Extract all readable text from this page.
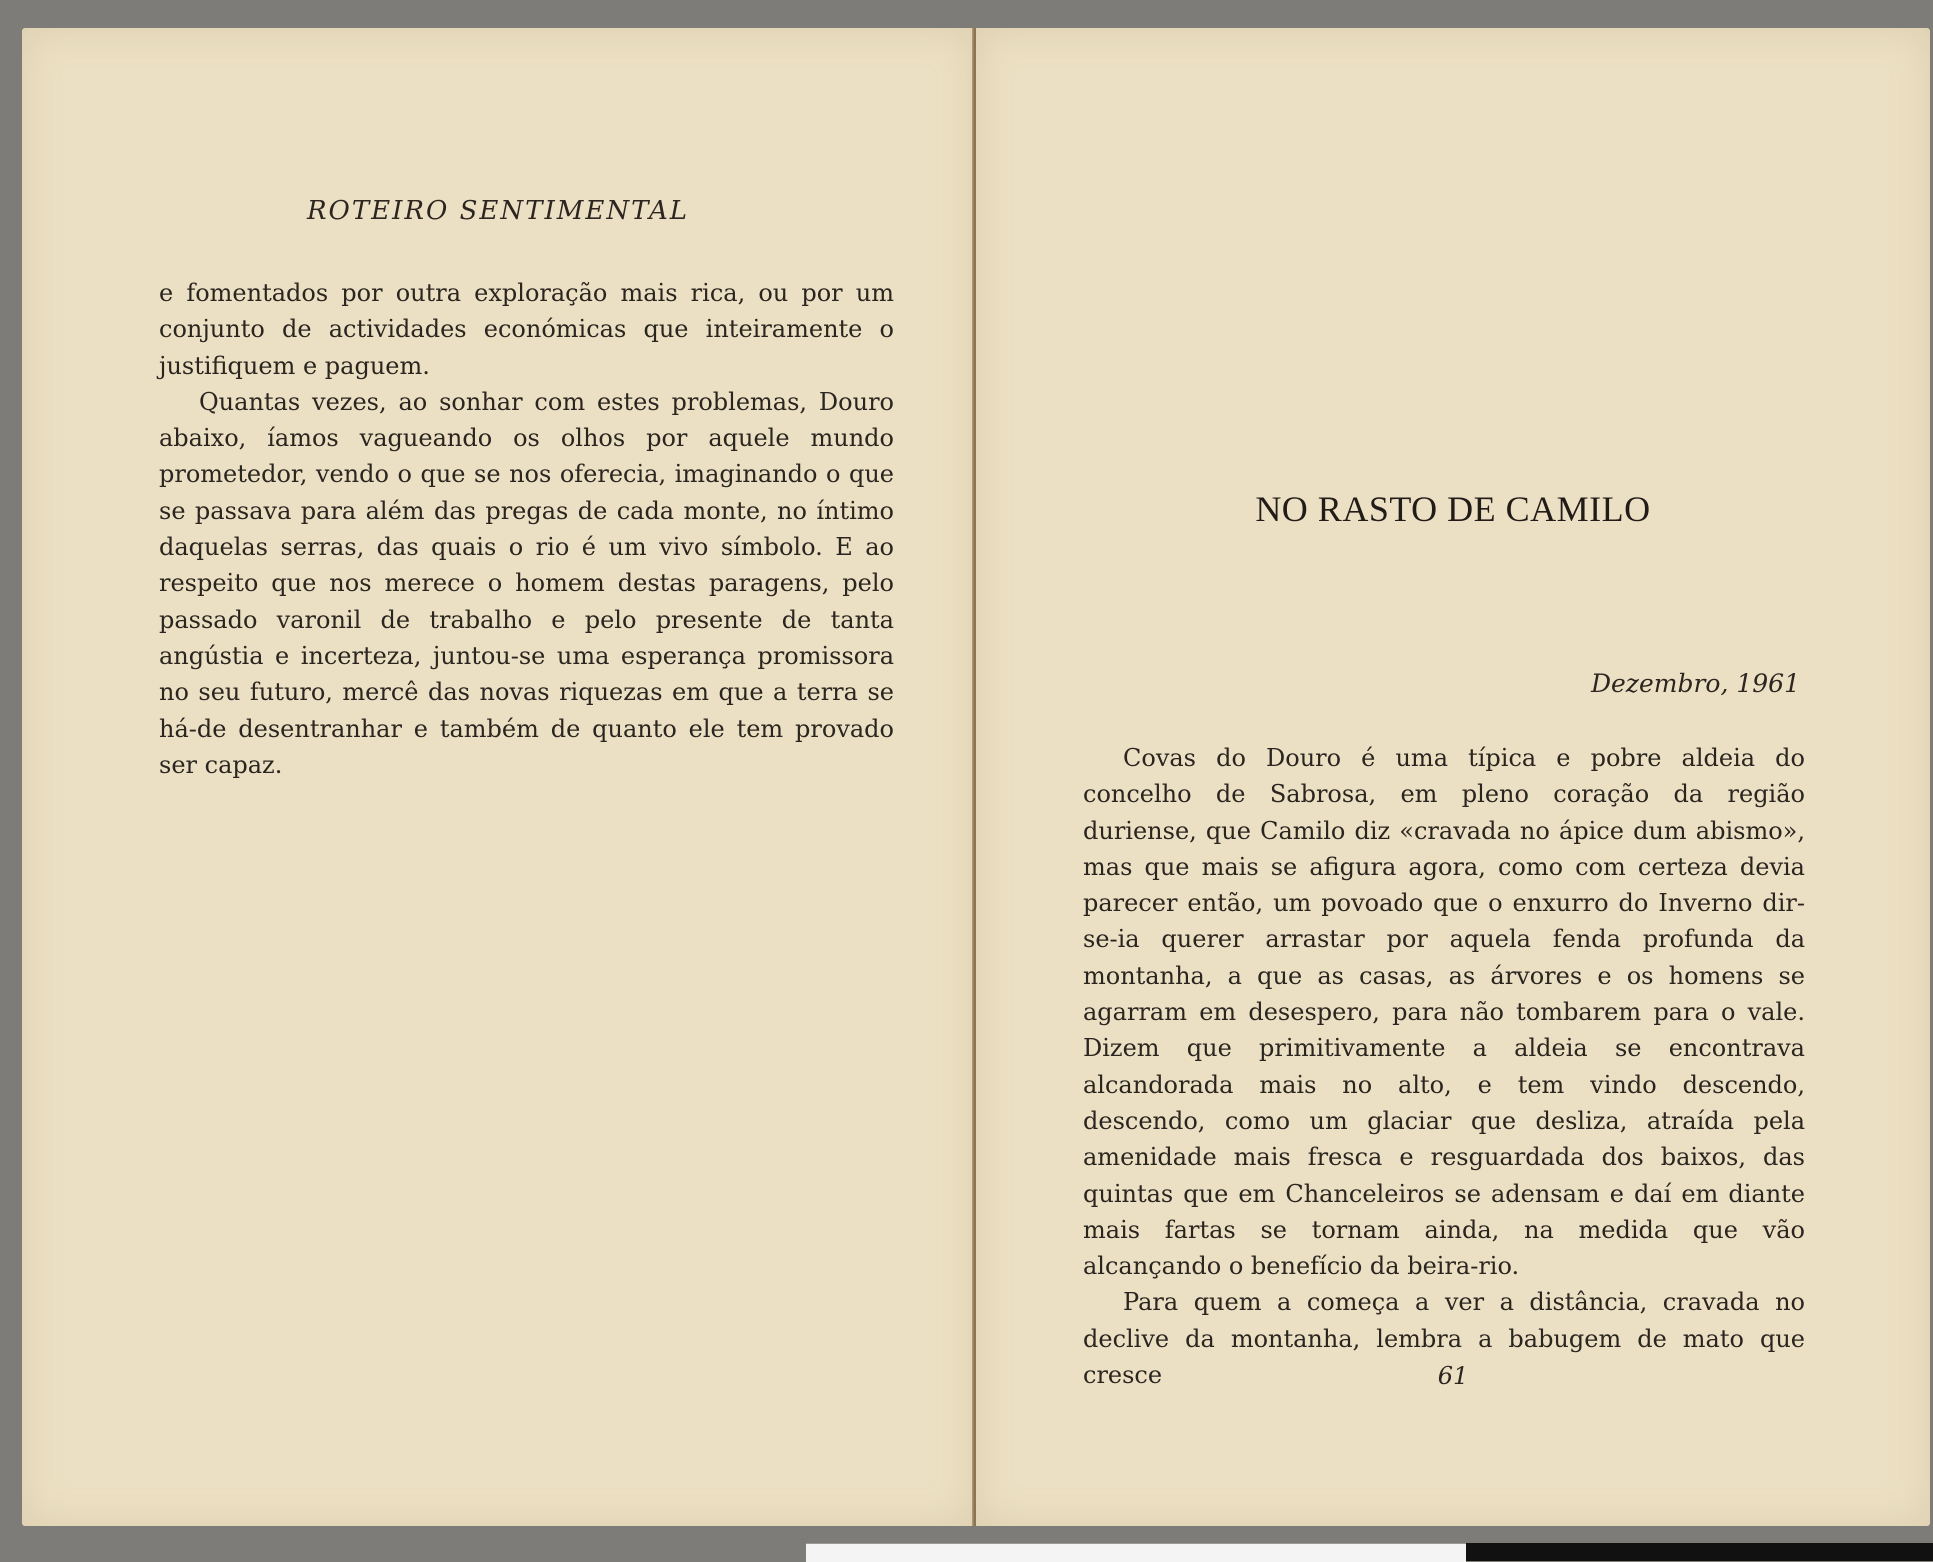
ROTEIRO SENTIMENTAL

e fomentados por outra exploração mais rica, ou por um conjunto de actividades económicas que inteiramente o justifiquem e paguem.

Quantas vezes, ao sonhar com estes problemas, Douro abaixo, íamos vagueando os olhos por aquele mundo prometedor, vendo o que se nos oferecia, imaginando o que se passava para além das pregas de cada monte, no íntimo daquelas serras, das quais o rio é um vivo símbolo. E ao respeito que nos merece o homem destas paragens, pelo passado varonil de trabalho e pelo presente de tanta angústia e incerteza, juntou-se uma esperança promissora no seu futuro, mercê das novas riquezas em que a terra se há-de desentranhar e também de quanto ele tem provado ser capaz.

NO RASTO DE CAMILO
Dezembro, 1961

Covas do Douro é uma típica e pobre aldeia do concelho de Sabrosa, em pleno coração da região duriense, que Camilo diz «cravada no ápice dum abismo», mas que mais se afigura agora, como com certeza devia parecer então, um povoado que o enxurro do Inverno dir-se-ia querer arrastar por aquela fenda profunda da montanha, a que as casas, as árvores e os homens se agarram em desespero, para não tombarem para o vale. Dizem que primitivamente a aldeia se encontrava alcandorada mais no alto, e tem vindo descendo, descendo, como um glaciar que desliza, atraída pela amenidade mais fresca e resguardada dos baixos, das quintas que em Chanceleiros se adensam e daí em diante mais fartas se tornam ainda, na medida que vão alcançando o benefício da beira-rio.

Para quem a começa a ver a distância, cravada no declive da montanha, lembra a babugem de mato que cresce	61
